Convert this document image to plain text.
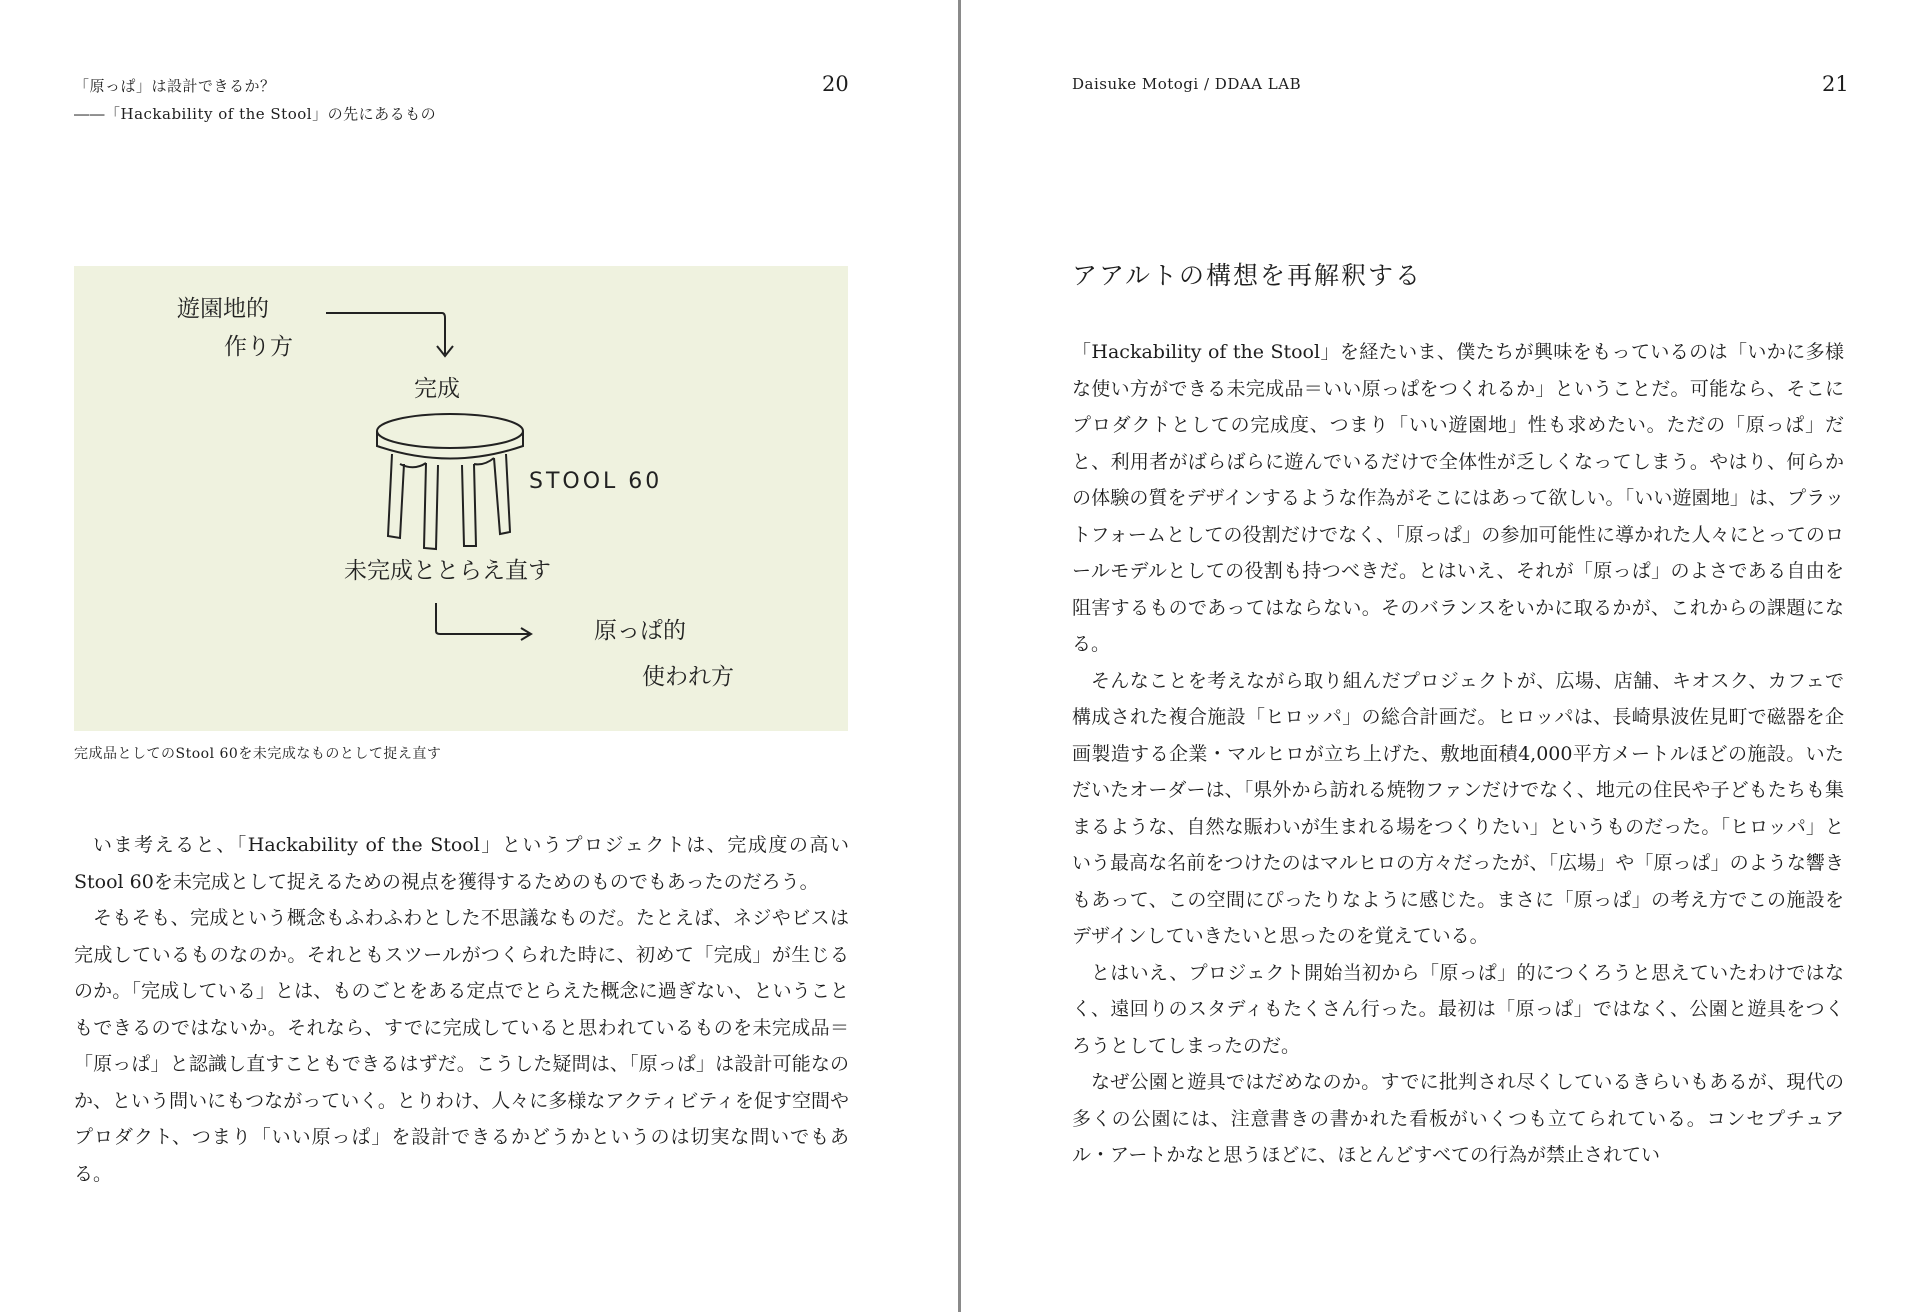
「原っぱ」は設計できるか？
――「Hackability of the Stool」の先にあるもの
20
遊園地的
作り方
完成
STOOL 60
未完成ととらえ直す
原っぱ的
使われ方
完成品としてのStool 60を未完成なものとして捉え直す

いま考えると、「Hackability of the Stool」というプロジェクトは、完成度の高いStool 60を未完成として捉えるための視点を獲得するためのものでもあったのだろう。

そもそも、完成という概念もふわふわとした不思議なものだ。たとえば、ネジやビスは完成しているものなのか。それともスツールがつくられた時に、初めて「完成」が生じるのか。「完成している」とは、ものごとをある定点でとらえた概念に過ぎない、ということもできるのではないか。それなら、すでに完成していると思われているものを未完成品＝「原っぱ」と認識し直すこともできるはずだ。こうした疑問は、「原っぱ」は設計可能なのか、という問いにもつながっていく。とりわけ、人々に多様なアクティビティを促す空間やプロダクト、つまり「いい原っぱ」を設計できるかどうかというのは切実な問いでもある。

Daisuke Motogi / DDAA LAB	21
アアルトの構想を再解釈する

「Hackability of the Stool」を経たいま、僕たちが興味をもっているのは「いかに多様な使い方ができる未完成品＝いい原っぱをつくれるか」ということだ。可能なら、そこにプロダクトとしての完成度、つまり「いい遊園地」性も求めたい。ただの「原っぱ」だと、利用者がばらばらに遊んでいるだけで全体性が乏しくなってしまう。やはり、何らかの体験の質をデザインするような作為がそこにはあって欲しい。「いい遊園地」は、プラットフォームとしての役割だけでなく、「原っぱ」の参加可能性に導かれた人々にとってのロールモデルとしての役割も持つべきだ。とはいえ、それが「原っぱ」のよさである自由を阻害するものであってはならない。そのバランスをいかに取るかが、これからの課題になる。

そんなことを考えながら取り組んだプロジェクトが、広場、店舗、キオスク、カフェで構成された複合施設「ヒロッパ」の総合計画だ。ヒロッパは、長崎県波佐見町で磁器を企画製造する企業・マルヒロが立ち上げた、敷地面積4,000平方メートルほどの施設。いただいたオーダーは、「県外から訪れる焼物ファンだけでなく、地元の住民や子どもたちも集まるような、自然な賑わいが生まれる場をつくりたい」というものだった。「ヒロッパ」という最高な名前をつけたのはマルヒロの方々だったが、「広場」や「原っぱ」のような響きもあって、この空間にぴったりなように感じた。まさに「原っぱ」の考え方でこの施設をデザインしていきたいと思ったのを覚えている。

とはいえ、プロジェクト開始当初から「原っぱ」的につくろうと思えていたわけではなく、遠回りのスタディもたくさん行った。最初は「原っぱ」ではなく、公園と遊具をつくろうとしてしまったのだ。

なぜ公園と遊具ではだめなのか。すでに批判され尽くしているきらいもあるが、現代の多くの公園には、注意書きの書かれた看板がいくつも立てられている。コンセプチュアル・アートかなと思うほどに、ほとんどすべての行為が禁止されてい
